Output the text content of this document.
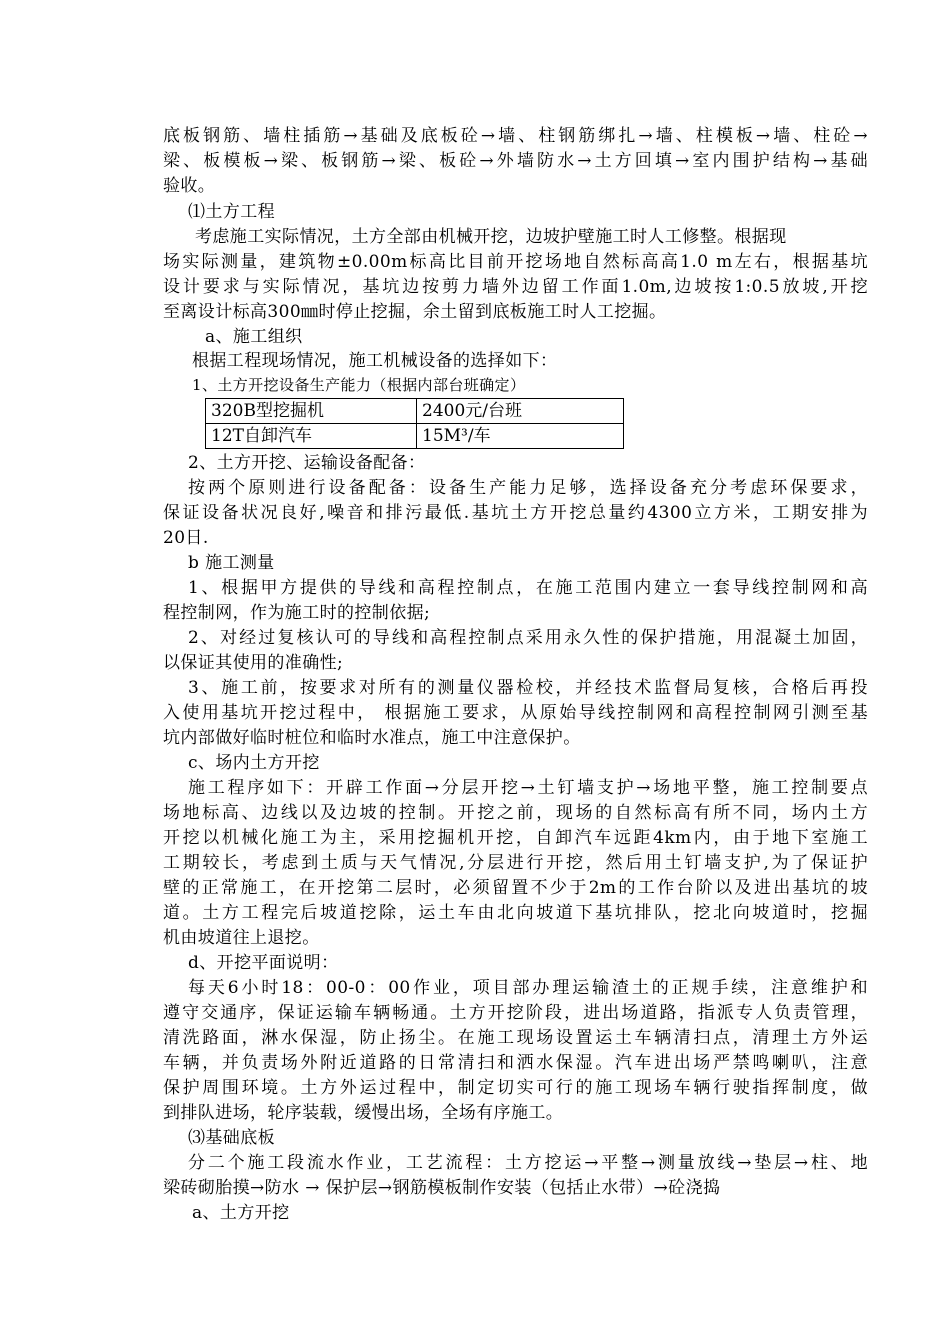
底板钢筋、墙柱插筋→基础及底板砼→墙、柱钢筋绑扎→墙、柱模板→墙、柱砼→
梁、板模板→梁、板钢筋→梁、板砼→外墙防水→土方回填→室内围护结构→基础
验收。
⑴土方工程
考虑施工实际情况，土方全部由机械开挖，边坡护壁施工时人工修整。根据现
场实际测量，建筑物±0.00m标高比目前开挖场地自然标高高1.0 m左右，根据基坑
设计要求与实际情况，基坑边按剪力墙外边留工作面1.0m,边坡按1:0.5放坡,开挖
至离设计标高300㎜时停止挖掘，余土留到底板施工时人工挖掘。
a、施工组织
根据工程现场情况，施工机械设备的选择如下：
1、土方开挖设备生产能力（根据内部台班确定）
320B型挖掘机	2400元/台班
12T自卸汽车	15M³/车
2、土方开挖、运输设备配备：
按两个原则进行设备配备：设备生产能力足够，选择设备充分考虑环保要求，
保证设备状况良好,噪音和排污最低.基坑土方开挖总量约4300立方米，工期安排为
20日.
b 施工测量
1、根据甲方提供的导线和高程控制点，在施工范围内建立一套导线控制网和高
程控制网，作为施工时的控制依据;
2、对经过复核认可的导线和高程控制点采用永久性的保护措施，用混凝土加固，
以保证其使用的准确性;
3、施工前，按要求对所有的测量仪器检校，并经技术监督局复核，合格后再投
入使用基坑开挖过程中， 根据施工要求，从原始导线控制网和高程控制网引测至基
坑内部做好临时桩位和临时水准点，施工中注意保护。
c、场内土方开挖
施工程序如下：开辟工作面→分层开挖→土钉墙支护→场地平整，施工控制要点
场地标高、边线以及边坡的控制。开挖之前，现场的自然标高有所不同，场内土方
开挖以机械化施工为主，采用挖掘机开挖，自卸汽车远距4km内，由于地下室施工
工期较长，考虑到土质与天气情况,分层进行开挖，然后用土钉墙支护,为了保证护
壁的正常施工，在开挖第二层时，必须留置不少于2m的工作台阶以及进出基坑的坡
道。土方工程完后坡道挖除，运土车由北向坡道下基坑排队，挖北向坡道时，挖掘
机由坡道往上退挖。
d、开挖平面说明：
每天6小时18：00-0：00作业，项目部办理运输渣土的正规手续，注意维护和
遵守交通序，保证运输车辆畅通。土方开挖阶段，进出场道路，指派专人负责管理，
清洗路面，淋水保湿，防止扬尘。在施工现场设置运土车辆清扫点，清理土方外运
车辆，并负责场外附近道路的日常清扫和洒水保湿。汽车进出场严禁鸣喇叭，注意
保护周围环境。土方外运过程中，制定切实可行的施工现场车辆行驶指挥制度，做
到排队进场，轮序装载，缓慢出场，全场有序施工。
⑶基础底板
分二个施工段流水作业，工艺流程：土方挖运→平整→测量放线→垫层→柱、地
梁砖砌胎摸→防水 → 保护层→钢筋模板制作安装（包括止水带）→砼浇捣
a、土方开挖
